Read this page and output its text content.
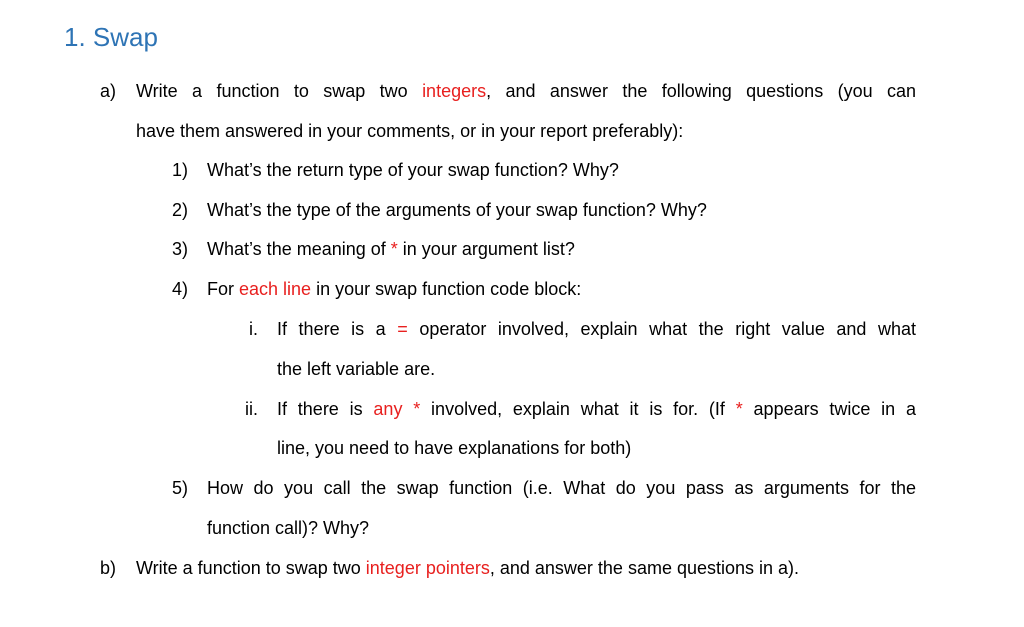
1. Swap
a) Write a function to swap two integers, and answer the following questions (you can
have them answered in your comments, or in your report preferably):
1) What’s the return type of your swap function? Why?
2) What’s the type of the arguments of your swap function? Why?
3) What’s the meaning of * in your argument list?
4) For each line in your swap function code block:
i. If there is a = operator involved, explain what the right value and what
the left variable are.
ii. If there is any * involved, explain what it is for. (If * appears twice in a
line, you need to have explanations for both)
5) How do you call the swap function (i.e. What do you pass as arguments for the
function call)? Why?
b) Write a function to swap two integer pointers, and answer the same questions in a).
